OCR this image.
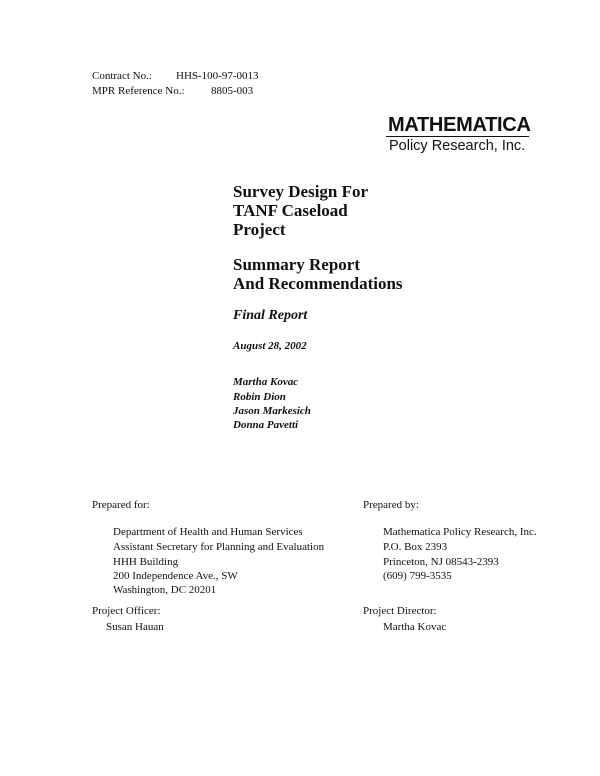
Contract No.: HHS-100-97-0013
MPR Reference No.: 8805-003
MATHEMATICA
Policy Research, Inc.
Survey Design For
TANF Caseload
Project
Summary Report
And Recommendations
Final Report
August 28, 2002
Martha Kovac
Robin Dion
Jason Markesich
Donna Pavetti
Prepared for:
Department of Health and Human Services
Assistant Secretary for Planning and Evaluation
HHH Building
200 Independence Ave., SW
Washington, DC 20201
Project Officer:
Susan Hauan
Prepared by:
Mathematica Policy Research, Inc.
P.O. Box 2393
Princeton, NJ 08543-2393
(609) 799-3535
Project Director:
Martha Kovac
